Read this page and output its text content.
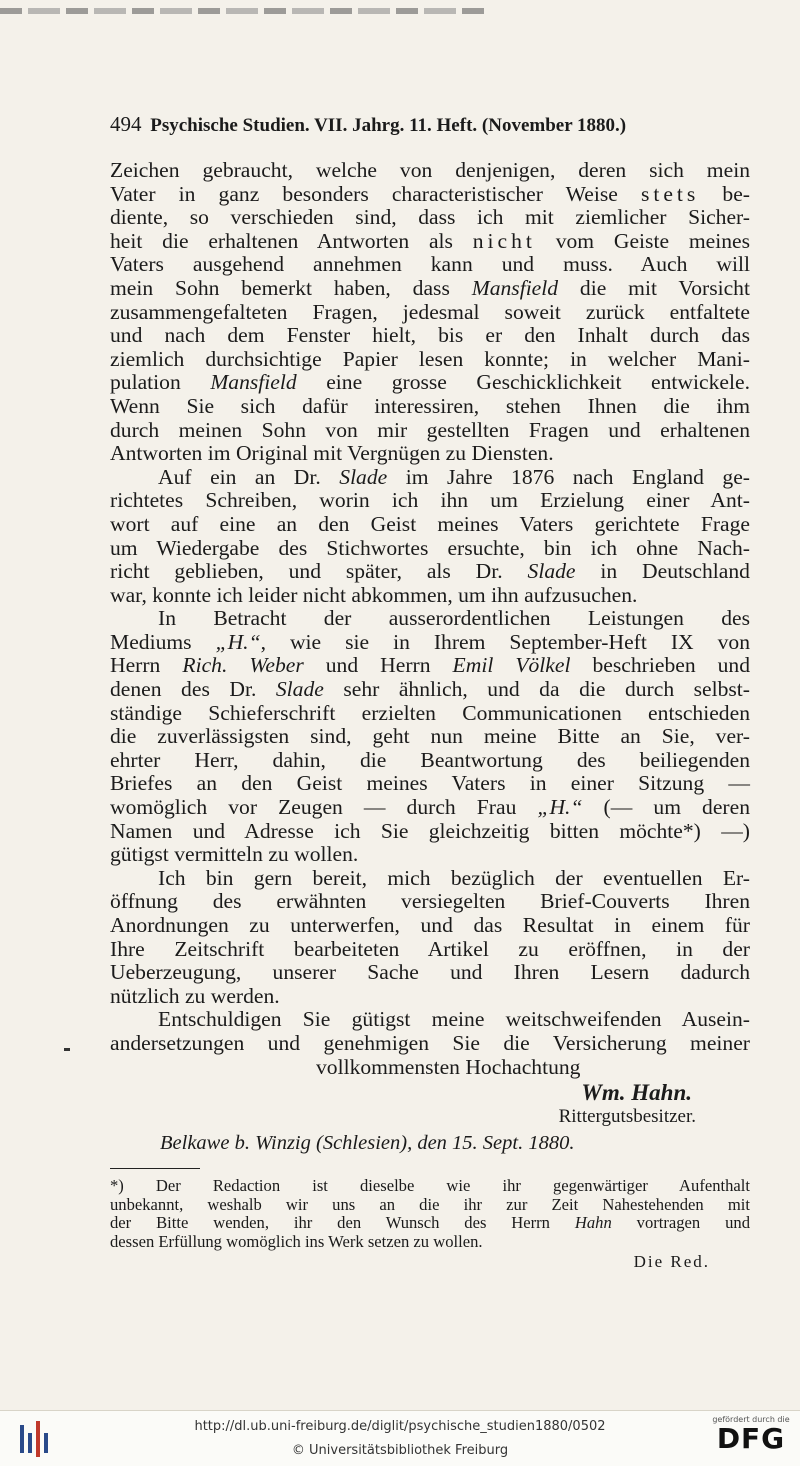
494 Psychische Studien. VII. Jahrg. 11. Heft. (November 1880.)
Zeichen gebraucht, welche von denjenigen, deren sich mein
Vater in ganz besonders characteristischer Weise stets be-
diente, so verschieden sind, dass ich mit ziemlicher Sicher-
heit die erhaltenen Antworten als nicht vom Geiste meines
Vaters ausgehend annehmen kann und muss. Auch will
mein Sohn bemerkt haben, dass Mansfield die mit Vorsicht
zusammengefalteten Fragen, jedesmal soweit zurück entfaltete
und nach dem Fenster hielt, bis er den Inhalt durch das
ziemlich durchsichtige Papier lesen konnte; in welcher Mani-
pulation Mansfield eine grosse Geschicklichkeit entwickele.
Wenn Sie sich dafür interessiren, stehen Ihnen die ihm
durch meinen Sohn von mir gestellten Fragen und erhaltenen
Antworten im Original mit Vergnügen zu Diensten.
Auf ein an Dr. Slade im Jahre 1876 nach England ge-
richtetes Schreiben, worin ich ihn um Erzielung einer Ant-
wort auf eine an den Geist meines Vaters gerichtete Frage
um Wiedergabe des Stichwortes ersuchte, bin ich ohne Nach-
richt geblieben, und später, als Dr. Slade in Deutschland
war, konnte ich leider nicht abkommen, um ihn aufzusuchen.
In Betracht der ausserordentlichen Leistungen des
Mediums „H.“, wie sie in Ihrem September-Heft IX von
Herrn Rich. Weber und Herrn Emil Völkel beschrieben und
denen des Dr. Slade sehr ähnlich, und da die durch selbst-
ständige Schieferschrift erzielten Communicationen entschieden
die zuverlässigsten sind, geht nun meine Bitte an Sie, ver-
ehrter Herr, dahin, die Beantwortung des beiliegenden
Briefes an den Geist meines Vaters in einer Sitzung —
womöglich vor Zeugen — durch Frau „H.“ (— um deren
Namen und Adresse ich Sie gleichzeitig bitten möchte*) —)
gütigst vermitteln zu wollen.
Ich bin gern bereit, mich bezüglich der eventuellen Er-
öffnung des erwähnten versiegelten Brief-Couverts Ihren
Anordnungen zu unterwerfen, und das Resultat in einem für
Ihre Zeitschrift bearbeiteten Artikel zu eröffnen, in der
Ueberzeugung, unserer Sache und Ihren Lesern dadurch
nützlich zu werden.
Entschuldigen Sie gütigst meine weitschweifenden Ausein-
andersetzungen und genehmigen Sie die Versicherung meiner
vollkommensten Hochachtung
Wm. Hahn.
Rittergutsbesitzer.
Belkawe b. Winzig (Schlesien), den 15. Sept. 1880.
*) Der Redaction ist dieselbe wie ihr gegenwärtiger Aufenthalt
unbekannt, weshalb wir uns an die ihr zur Zeit Nahestehenden mit
der Bitte wenden, ihr den Wunsch des Herrn Hahn vortragen und
dessen Erfüllung womöglich ins Werk setzen zu wollen.
Die Red.
http://dl.ub.uni-freiburg.de/diglit/psychische_studien1880/0502
© Universitätsbibliothek Freiburg
gefördert durch die
DFG
